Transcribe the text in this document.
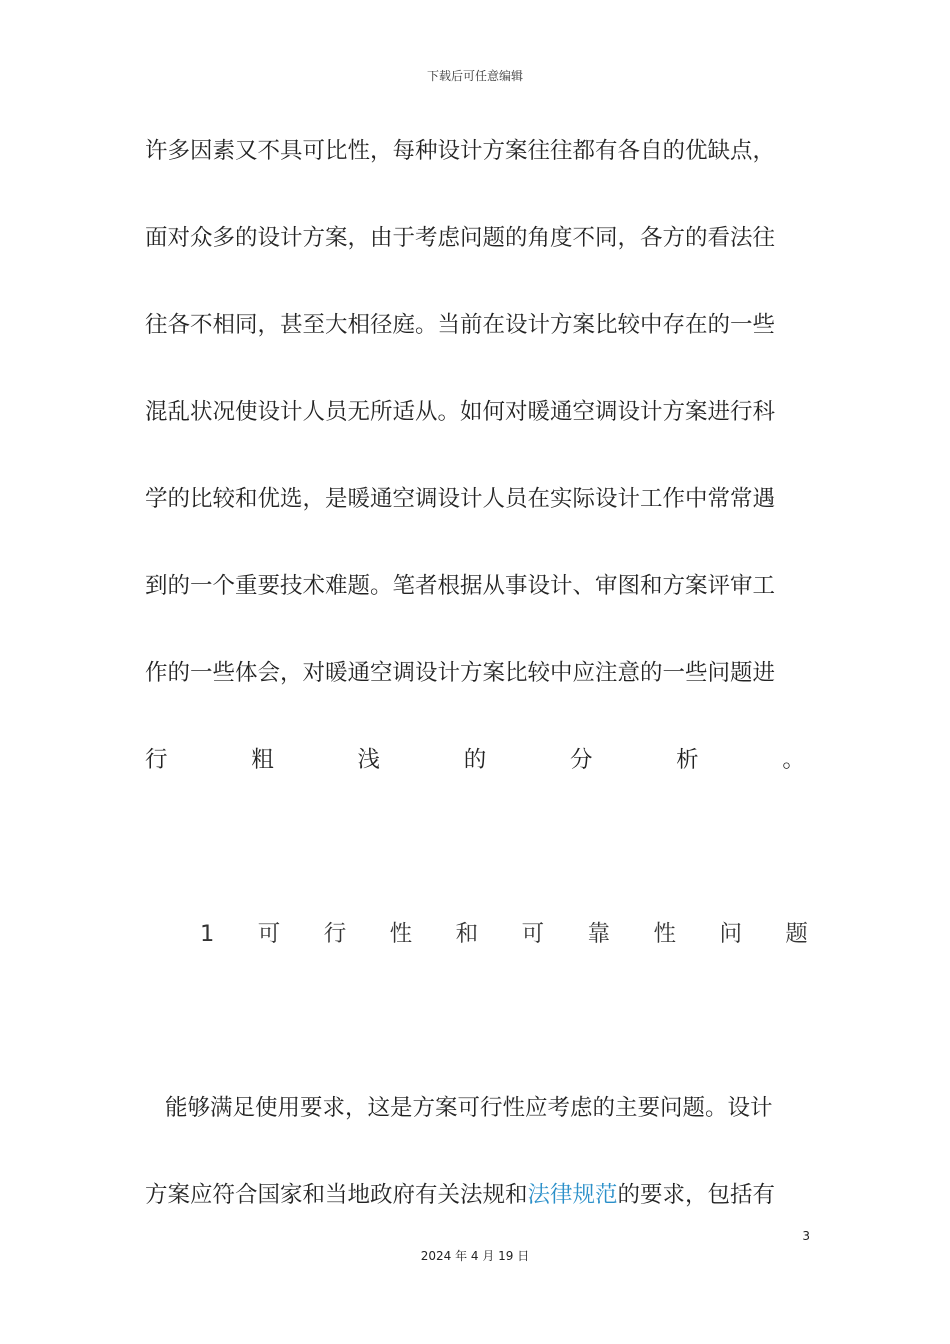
下载后可任意编辑
许多因素又不具可比性，每种设计方案往往都有各自的优缺点，
面对众多的设计方案，由于考虑问题的角度不同，各方的看法往
往各不相同，甚至大相径庭。当前在设计方案比较中存在的一些
混乱状况使设计人员无所适从。如何对暖通空调设计方案进行科
学的比较和优选，是暖通空调设计人员在实际设计工作中常常遇
到的一个重要技术难题。笔者根据从事设计、审图和方案评审工
作的一些体会，对暖通空调设计方案比较中应注意的一些问题进
行	粗	浅	的	分	析	。
能够满足使用要求，这是方案可行性应考虑的主要问题。设计
方案应符合国家和当地政府有关法规和法律规范的要求，包括有
1 可 行 性 和 可 靠 性 问 题
3
2024 年 4 月 19 日
